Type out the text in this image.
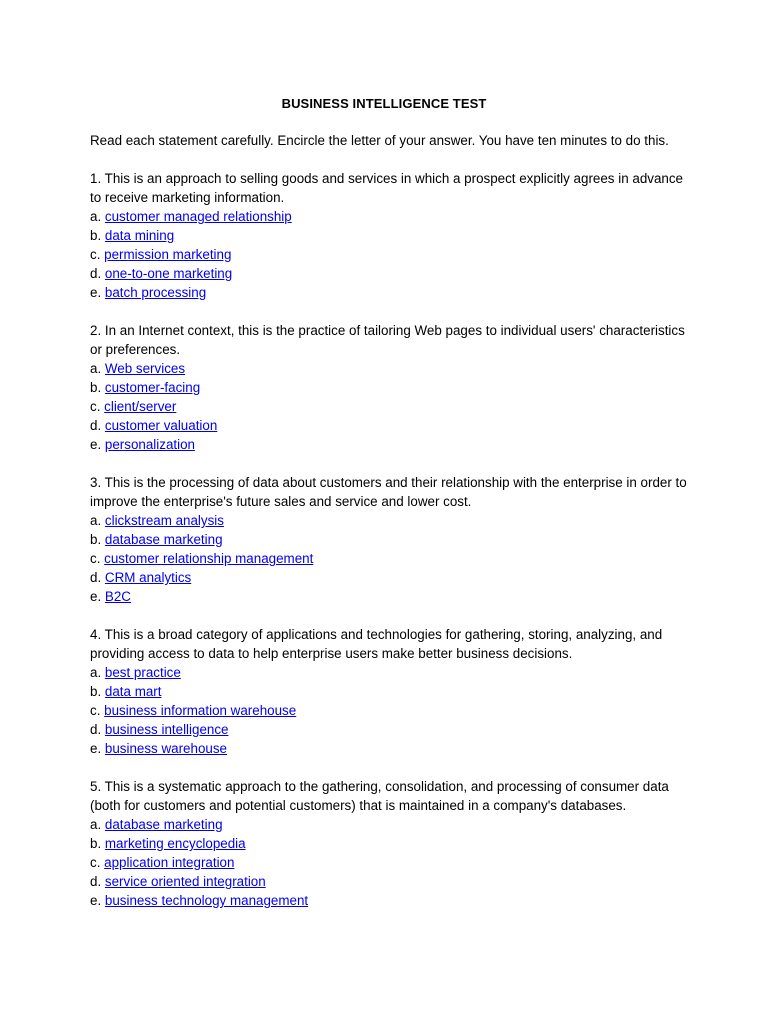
BUSINESS INTELLIGENCE TEST

Read each statement carefully. Encircle the letter of your answer. You have ten minutes to do this.

1. This is an approach to selling goods and services in which a prospect explicitly agrees in advance to receive marketing information.

a. customer managed relationship
b. data mining
c. permission marketing
d. one-to-one marketing
e. batch processing

2. In an Internet context, this is the practice of tailoring Web pages to individual users' characteristics or preferences.

a. Web services
b. customer-facing
c. client/server
d. customer valuation
e. personalization

3. This is the processing of data about customers and their relationship with the enterprise in order to improve the enterprise's future sales and service and lower cost.

a. clickstream analysis
b. database marketing
c. customer relationship management
d. CRM analytics
e. B2C

4. This is a broad category of applications and technologies for gathering, storing, analyzing, and providing access to data to help enterprise users make better business decisions.

a. best practice
b. data mart
c. business information warehouse
d. business intelligence
e. business warehouse

5. This is a systematic approach to the gathering, consolidation, and processing of consumer data (both for customers and potential customers) that is maintained in a company's databases.

a. database marketing
b. marketing encyclopedia
c. application integration
d. service oriented integration
e. business technology management
